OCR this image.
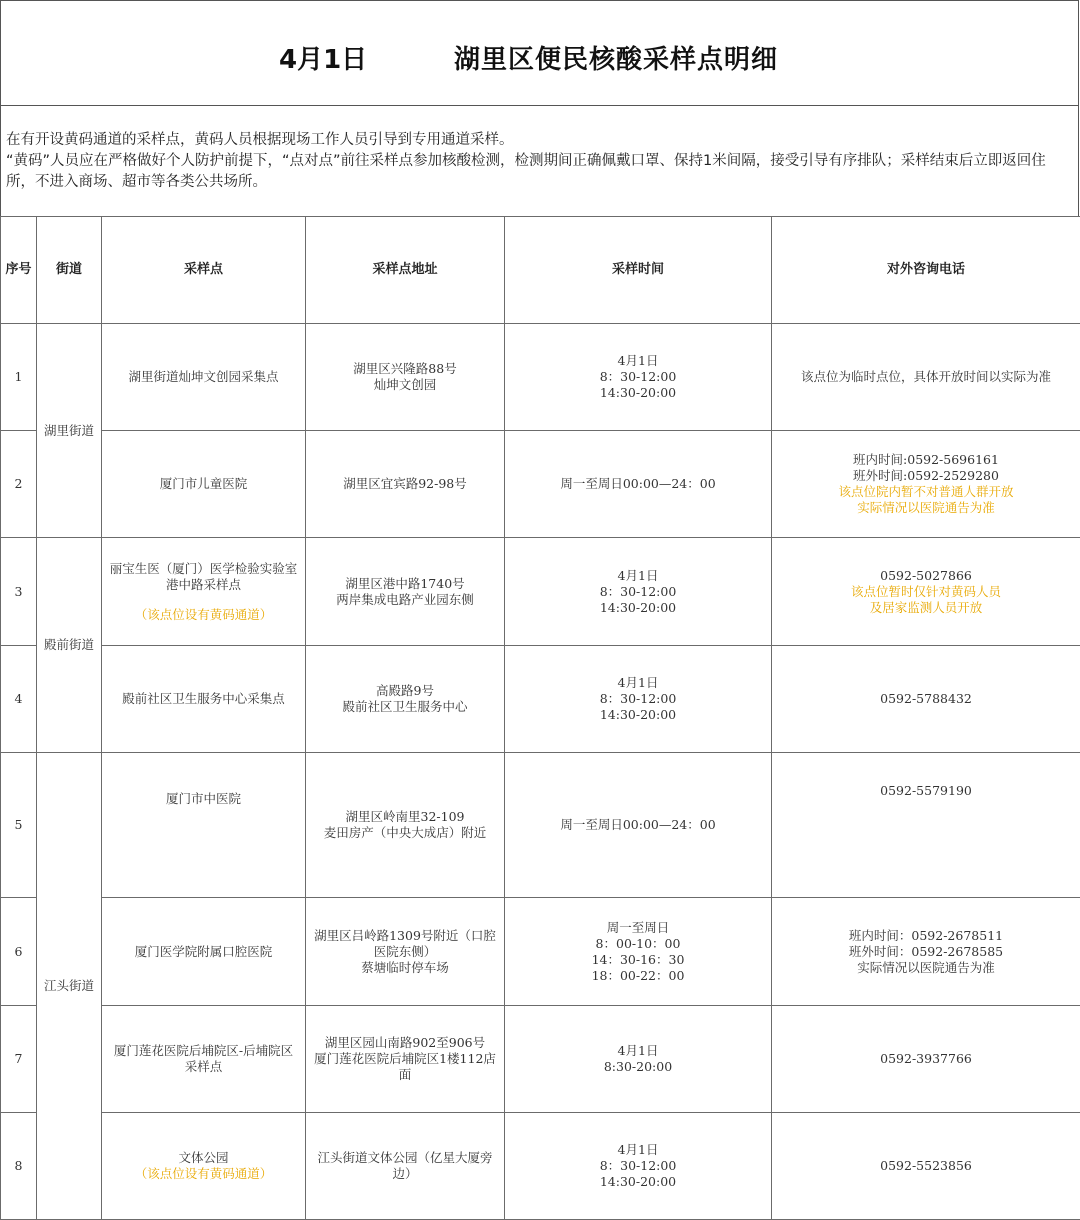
4月1日	湖里区便民核酸采样点明细

在有开设黄码通道的采样点，黄码人员根据现场工作人员引导到专用通道采样。

“黄码”人员应在严格做好个人防护前提下，“点对点”前往采样点参加核酸检测，检测期间正确佩戴口罩、保持1米间隔，接受引导有序排队；采样结束后立即返回住所，不进入商场、超市等各类公共场所。

序号	街道	采样点	采样点地址	采样时间	对外咨询电话
1	湖里街道	湖里街道灿坤文创园采集点	湖里区兴隆路88号
灿坤文创园	4月1日
8：30-12:00
14:30-20:00	该点位为临时点位，具体开放时间以实际为准

2		厦门市儿童医院	湖里区宜宾路92-98号	周一至周日00:00—24：00	班内时间:0592-5696161
班外时间:0592-2529280
该点位院内暂不对普通人群开放
实际情况以医院通告为准

3	殿前街道	丽宝生医（厦门）医学检验实验室
港中路采样点
（该点位设有黄码通道）	湖里区港中路1740号
两岸集成电路产业园东侧	4月1日
8：30-12:00
14:30-20:00	0592-5027866
该点位暂时仅针对黄码人员
及居家监测人员开放

4		殿前社区卫生服务中心采集点	高殿路9号
殿前社区卫生服务中心	4月1日
8：30-12:00
14:30-20:00	0592-5788432

5	江头街道	厦门市中医院	湖里区岭南里32-109
麦田房产（中央大成店）附近	周一至周日00:00—24：00	0592-5579190

6		厦门医学院附属口腔医院	湖里区吕岭路1309号附近（口腔
医院东侧）
蔡塘临时停车场	周一至周日
8：00-10：00
14：30-16：30
18：00-22：00	班内时间：0592-2678511
班外时间：0592-2678585
实际情况以医院通告为准

7		厦门莲花医院后埔院区-后埔院区
采样点	湖里区园山南路902至906号
厦门莲花医院后埔院区1楼112店
面	4月1日
8:30-20:00	0592-3937766

8		文体公园
（该点位设有黄码通道）	江头街道文体公园（亿星大厦旁
边）	4月1日
8：30-12:00
14:30-20:00	0592-5523856
